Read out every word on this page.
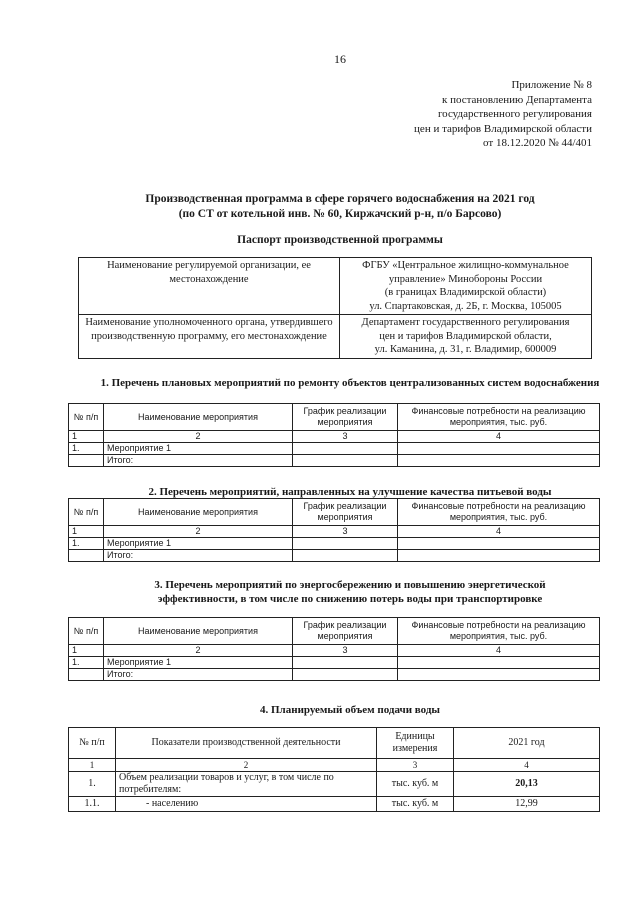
16
Приложение № 8
к постановлению Департамента
государственного регулирования
цен и тарифов Владимирской области
от 18.12.2020 № 44/401
Производственная программа в сфере горячего водоснабжения на 2021 год
(по СТ от котельной инв. № 60, Киржачский р-н, п/о Барсово)
Паспорт производственной программы
Наименование регулируемой организации, ее местонахождение	ФГБУ «Центральное жилищно-коммунальное
управление» Минобороны России
(в границах Владимирской области)
ул. Спартаковская, д. 2Б, г. Москва, 105005

Наименование уполномоченного органа, утвердившего производственную программу, его местонахождение	Департамент государственного регулирования
цен и тарифов Владимирской области,
ул. Каманина, д. 31, г. Владимир, 600009
1. Перечень плановых мероприятий по ремонту объектов централизованных систем водоснабжения
№ п/п	Наименование мероприятия	График реализации мероприятия	Финансовые потребности на реализацию мероприятия, тыс. руб.
1	2	3	4
1.	Мероприятие 1		
	Итого:		
2. Перечень мероприятий, направленных на улучшение качества питьевой воды
№ п/п	Наименование мероприятия	График реализации мероприятия	Финансовые потребности на реализацию мероприятия, тыс. руб.
1	2	3	4
1.	Мероприятие 1		
	Итого:		
3. Перечень мероприятий по энергосбережению и повышению энергетической
эффективности, в том числе по снижению потерь воды при транспортировке
№ п/п	Наименование мероприятия	График реализации мероприятия	Финансовые потребности на реализацию мероприятия, тыс. руб.
1	2	3	4
1.	Мероприятие 1		
	Итого:		
4. Планируемый объем подачи воды
№ п/п	Показатели производственной деятельности	Единицы измерения	2021 год
1	2	3	4
1.	Объем реализации товаров и услуг, в том числе по потребителям:	тыс. куб. м	20,13
1.1.	- населению	тыс. куб. м	12,99
